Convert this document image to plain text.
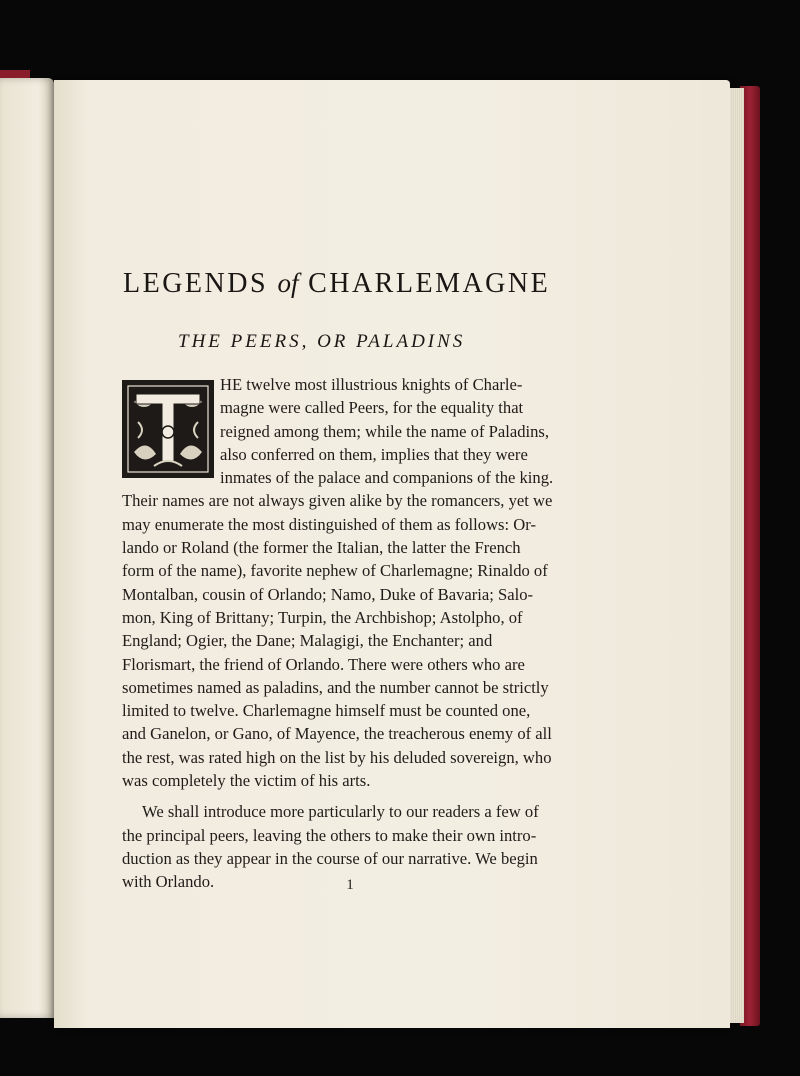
LEGENDS of CHARLEMAGNE
THE PEERS, OR PALADINS
HE twelve most illustrious knights of Charle-
magne were called Peers, for the equality that
reigned among them; while the name of Paladins,
also conferred on them, implies that they were
inmates of the palace and companions of the king.
Their names are not always given alike by the romancers, yet we
may enumerate the most distinguished of them as follows: Or-
lando or Roland (the former the Italian, the latter the French
form of the name), favorite nephew of Charlemagne; Rinaldo of
Montalban, cousin of Orlando; Namo, Duke of Bavaria; Salo-
mon, King of Brittany; Turpin, the Archbishop; Astolpho, of
England; Ogier, the Dane; Malagigi, the Enchanter; and
Florismart, the friend of Orlando. There were others who are
sometimes named as paladins, and the number cannot be strictly
limited to twelve. Charlemagne himself must be counted one,
and Ganelon, or Gano, of Mayence, the treacherous enemy of all
the rest, was rated high on the list by his deluded sovereign, who
was completely the victim of his arts.
We shall introduce more particularly to our readers a few of
the principal peers, leaving the others to make their own intro-
duction as they appear in the course of our narrative. We begin
with Orlando.	1
